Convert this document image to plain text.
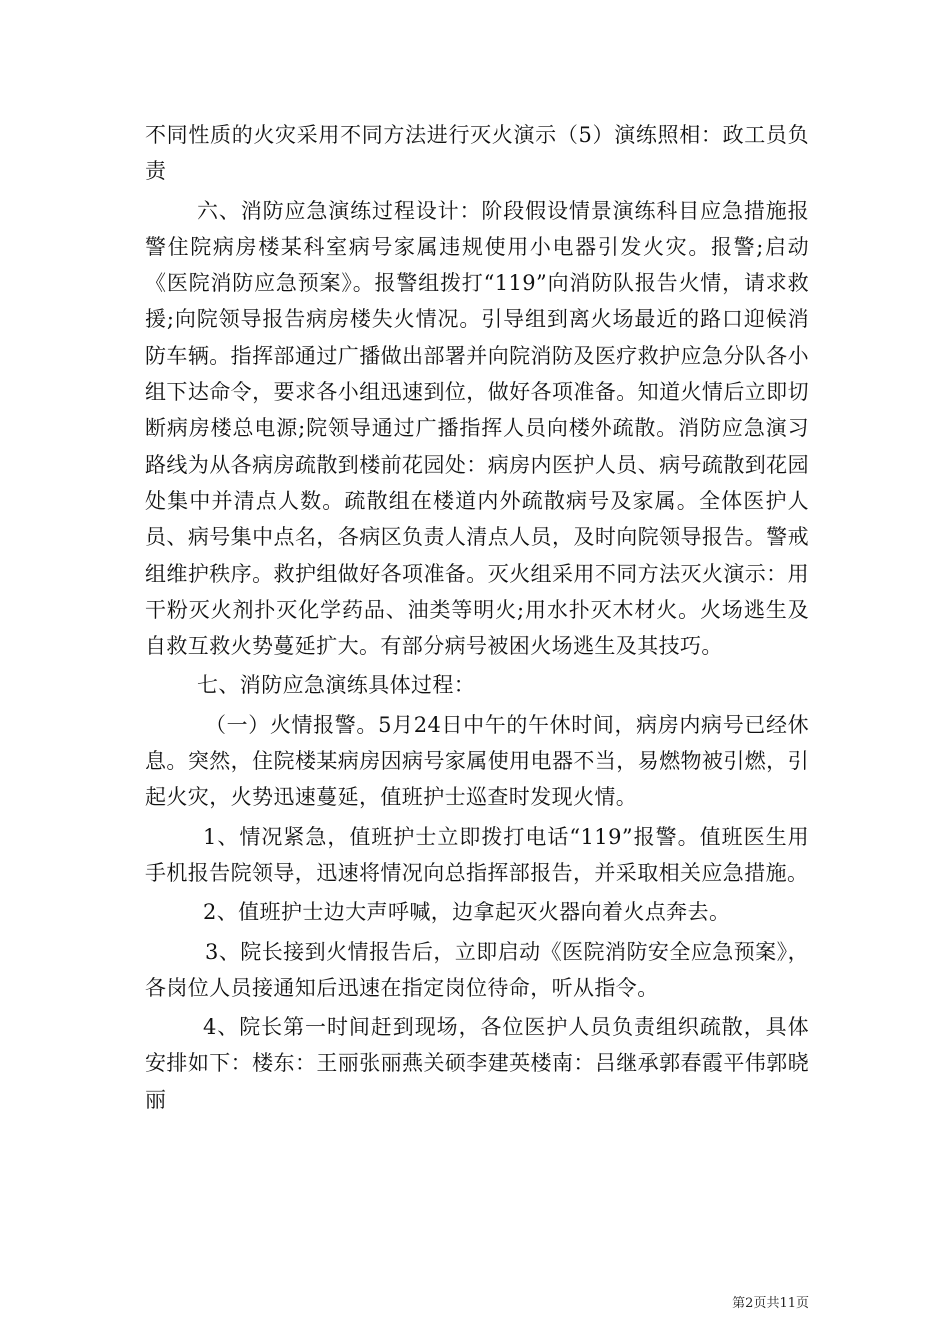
不同性质的火灾采用不同方法进行灭火演示（5）演练照相：政工员负责

六、消防应急演练过程设计：阶段假设情景演练科目应急措施报警住院病房楼某科室病号家属违规使用小电器引发火灾。报警;启动《医院消防应急预案》。报警组拨打“119”向消防队报告火情，请求救援;向院领导报告病房楼失火情况。引导组到离火场最近的路口迎候消防车辆。指挥部通过广播做出部署并向院消防及医疗救护应急分队各小组下达命令，要求各小组迅速到位，做好各项准备。知道火情后立即切断病房楼总电源;院领导通过广播指挥人员向楼外疏散。消防应急演习路线为从各病房疏散到楼前花园处：病房内医护人员、病号疏散到花园处集中并清点人数。疏散组在楼道内外疏散病号及家属。全体医护人员、病号集中点名，各病区负责人清点人员，及时向院领导报告。警戒组维护秩序。救护组做好各项准备。灭火组采用不同方法灭火演示：用干粉灭火剂扑灭化学药品、油类等明火;用水扑灭木材火。火场逃生及自救互救火势蔓延扩大。有部分病号被困火场逃生及其技巧。

七、消防应急演练具体过程：

（一）火情报警。5月24日中午的午休时间，病房内病号已经休息。突然，住院楼某病房因病号家属使用电器不当，易燃物被引燃，引起火灾，火势迅速蔓延，值班护士巡查时发现火情。

1、情况紧急，值班护士立即拨打电话“119”报警。值班医生用手机报告院领导，迅速将情况向总指挥部报告，并采取相关应急措施。

2、值班护士边大声呼喊，边拿起灭火器向着火点奔去。

3、院长接到火情报告后，立即启动《医院消防安全应急预案》，各岗位人员接通知后迅速在指定岗位待命，听从指令。

4、院长第一时间赶到现场，各位医护人员负责组织疏散，具体安排如下：楼东：王丽张丽燕关硕李建英楼南：吕继承郭春霞平伟郭晓丽

第2页共11页
